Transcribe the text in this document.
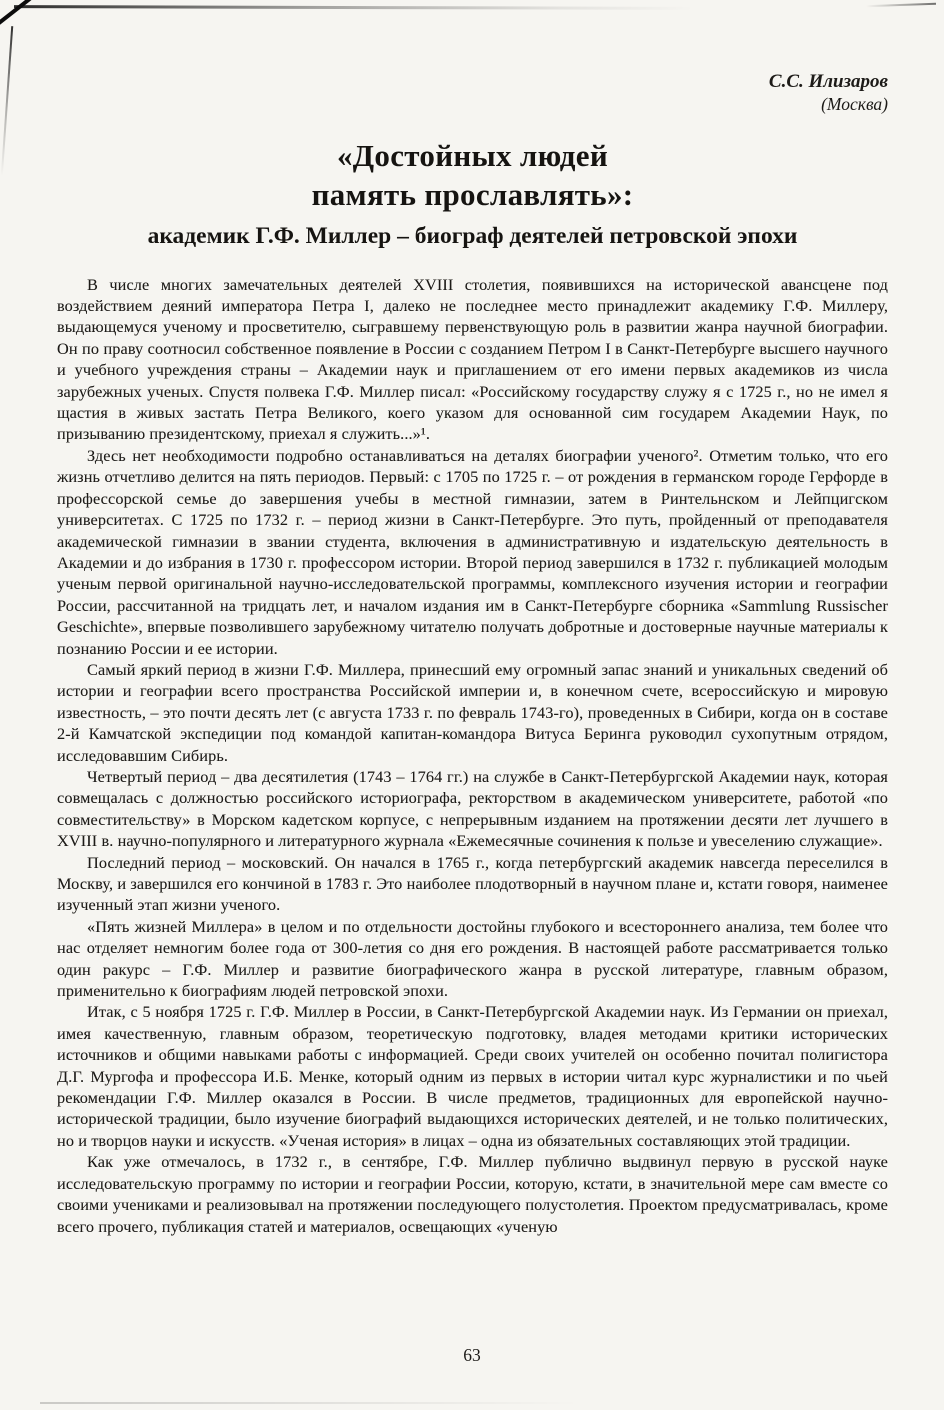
С.С. Илизаров
(Москва)
«Достойных людей
память прославлять»:
академик Г.Ф. Миллер – биограф деятелей петровской эпохи

В числе многих замечательных деятелей XVIII столетия, появившихся на исторической авансцене под воздействием деяний императора Петра I, далеко не последнее место принадлежит академику Г.Ф. Миллеру, выдающемуся ученому и просветителю, сыгравшему первенствующую роль в развитии жанра научной биографии. Он по праву соотносил собственное появление в России с созданием Петром I в Санкт-Петербурге высшего научного и учебного учреждения страны – Академии наук и приглашением от его имени первых академиков из числа зарубежных ученых. Спустя полвека Г.Ф. Миллер писал: «Российскому государству служу я с 1725 г., но не имел я щастия в живых застать Петра Великого, коего указом для основанной сим государем Академии Наук, по призыванию президентскому, приехал я служить...»¹.

Здесь нет необходимости подробно останавливаться на деталях биографии ученого². Отметим только, что его жизнь отчетливо делится на пять периодов. Первый: с 1705 по 1725 г. – от рождения в германском городе Герфорде в профессорской семье до завершения учебы в местной гимназии, затем в Ринтельнском и Лейпцигском университетах. С 1725 по 1732 г. – период жизни в Санкт-Петербурге. Это путь, пройденный от преподавателя академической гимназии в звании студента, включения в административную и издательскую деятельность в Академии и до избрания в 1730 г. профессором истории. Второй период завершился в 1732 г. публикацией молодым ученым первой оригинальной научно-исследовательской программы, комплексного изучения истории и географии России, рассчитанной на тридцать лет, и началом издания им в Санкт-Петербурге сборника «Sammlung Russischer Geschichte», впервые позволившего зарубежному читателю получать добротные и достоверные научные материалы к познанию России и ее истории.

Самый яркий период в жизни Г.Ф. Миллера, принесший ему огромный запас знаний и уникальных сведений об истории и географии всего пространства Российской империи и, в конечном счете, всероссийскую и мировую известность, – это почти десять лет (с августа 1733 г. по февраль 1743-го), проведенных в Сибири, когда он в составе 2-й Камчатской экспедиции под командой капитан-командора Витуса Беринга руководил сухопутным отрядом, исследовавшим Сибирь.

Четвертый период – два десятилетия (1743 – 1764 гг.) на службе в Санкт-Петербургской Академии наук, которая совмещалась с должностью российского историографа, ректорством в академическом университете, работой «по совместительству» в Морском кадетском корпусе, с непрерывным изданием на протяжении десяти лет лучшего в XVIII в. научно-популярного и литературного журнала «Ежемесячные сочинения к пользе и увеселению служащие».

Последний период – московский. Он начался в 1765 г., когда петербургский академик навсегда переселился в Москву, и завершился его кончиной в 1783 г. Это наиболее плодотворный в научном плане и, кстати говоря, наименее изученный этап жизни ученого.

«Пять жизней Миллера» в целом и по отдельности достойны глубокого и всестороннего анализа, тем более что нас отделяет немногим более года от 300-летия со дня его рождения. В настоящей работе рассматривается только один ракурс – Г.Ф. Миллер и развитие биографического жанра в русской литературе, главным образом, применительно к биографиям людей петровской эпохи.

Итак, с 5 ноября 1725 г. Г.Ф. Миллер в России, в Санкт-Петербургской Академии наук. Из Германии он приехал, имея качественную, главным образом, теоретическую подготовку, владея методами критики исторических источников и общими навыками работы с информацией. Среди своих учителей он особенно почитал полигистора Д.Г. Мургофа и профессора И.Б. Менке, который одним из первых в истории читал курс журналистики и по чьей рекомендации Г.Ф. Миллер оказался в России. В числе предметов, традиционных для европейской научно-исторической традиции, было изучение биографий выдающихся исторических деятелей, и не только политических, но и творцов науки и искусств. «Ученая история» в лицах – одна из обязательных составляющих этой традиции.

Как уже отмечалось, в 1732 г., в сентябре, Г.Ф. Миллер публично выдвинул первую в русской науке исследовательскую программу по истории и географии России, которую, кстати, в значительной мере сам вместе со своими учениками и реализовывал на протяжении последующего полустолетия. Проектом предусматривалась, кроме всего прочего, публикация статей и материалов, освещающих «ученую

63
